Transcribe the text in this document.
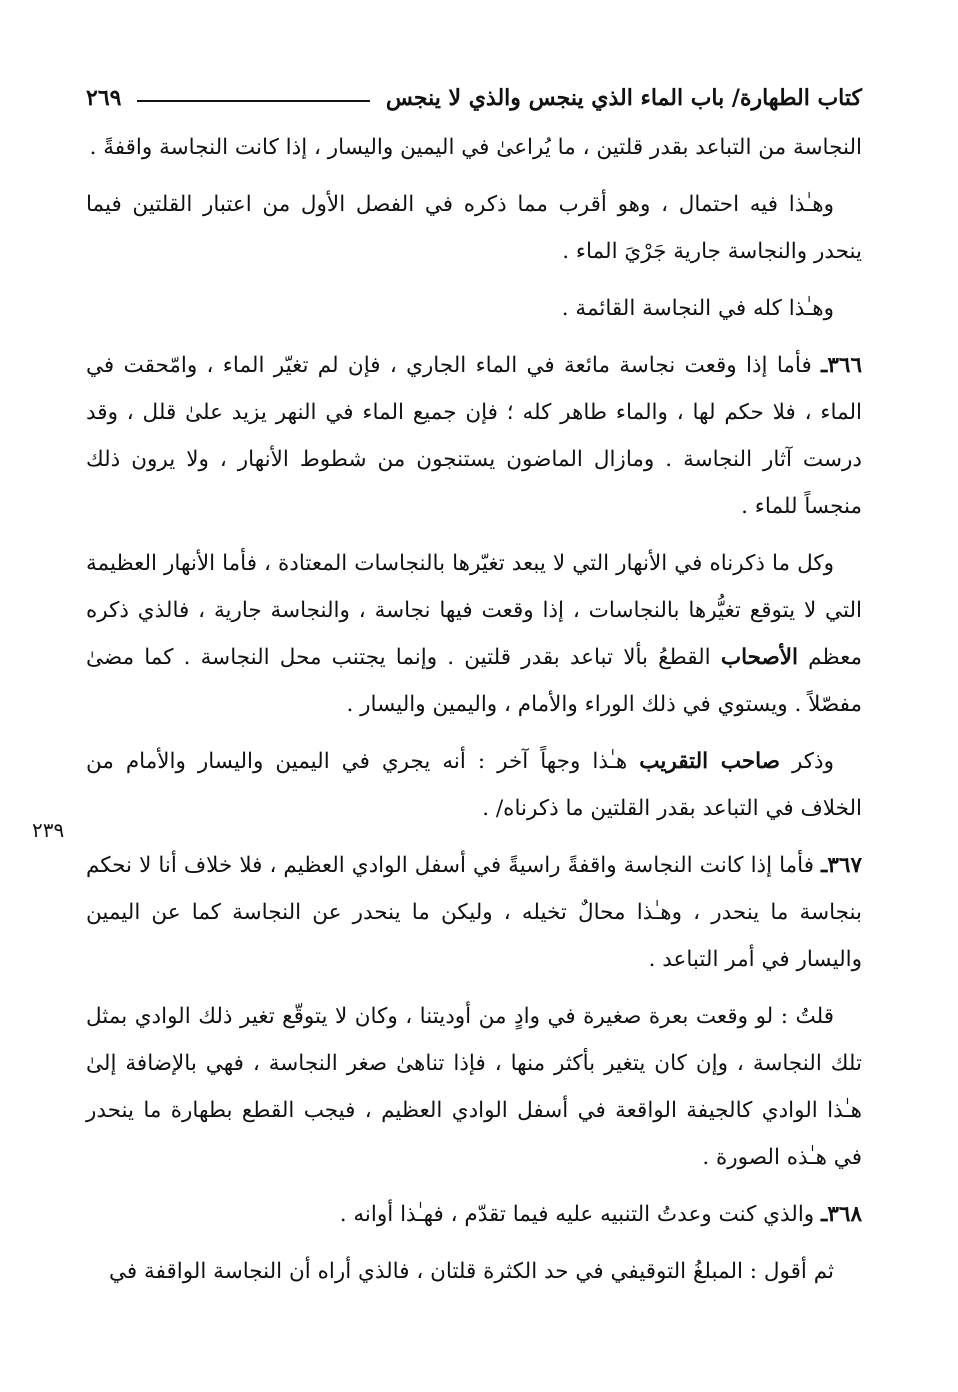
كتاب الطهارة/ باب الماء الذي ينجس والذي لا ينجس
٢٦٩
٢٣٩

النجاسة من التباعد بقدر قلتين ، ما يُراعىٰ في اليمين واليسار ، إذا كانت النجاسة واقفةً .

وهـٰذا فيه احتمال ، وهو أقرب مما ذكره في الفصل الأول من اعتبار القلتين فيما ينحدر والنجاسة جارية جَرْيَ الماء .

وهـٰذا كله في النجاسة القائمة .

٣٦٦ـ فأما إذا وقعت نجاسة مائعة في الماء الجاري ، فإن لم تغيّر الماء ، وامّحقت في الماء ، فلا حكم لها ، والماء طاهر كله ؛ فإن جميع الماء في النهر يزيد علىٰ قلل ، وقد درست آثار النجاسة . ومازال الماضون يستنجون من شطوط الأنهار ، ولا يرون ذلك منجساً للماء .

وكل ما ذكرناه في الأنهار التي لا يبعد تغيّرها بالنجاسات المعتادة ، فأما الأنهار العظيمة التي لا يتوقع تغيُّرها بالنجاسات ، إذا وقعت فيها نجاسة ، والنجاسة جارية ، فالذي ذكره معظم الأصحاب القطعُ بألا تباعد بقدر قلتين . وإنما يجتنب محل النجاسة . كما مضىٰ مفصّلاً . ويستوي في ذلك الوراء والأمام ، واليمين واليسار .

وذكر صاحب التقريب هـٰذا وجهاً آخر : أنه يجري في اليمين واليسار والأمام من الخلاف في التباعد بقدر القلتين ما ذكرناه/ .

٣٦٧ـ فأما إذا كانت النجاسة واقفةً راسيةً في أسفل الوادي العظيم ، فلا خلاف أنا لا نحكم بنجاسة ما ينحدر ، وهـٰذا محالٌ تخيله ، وليكن ما ينحدر عن النجاسة كما عن اليمين واليسار في أمر التباعد .

قلتُ : لو وقعت بعرة صغيرة في وادٍ من أوديتنا ، وكان لا يتوقّع تغير ذلك الوادي بمثل تلك النجاسة ، وإن كان يتغير بأكثر منها ، فإذا تناهىٰ صغر النجاسة ، فهي بالإضافة إلىٰ هـٰذا الوادي كالجيفة الواقعة في أسفل الوادي العظيم ، فيجب القطع بطهارة ما ينحدر في هـٰذه الصورة .

٣٦٨ـ والذي كنت وعدتُ التنبيه عليه فيما تقدّم ، فهـٰذا أوانه .

ثم أقول : المبلغُ التوقيفي في حد الكثرة قلتان ، فالذي أراه أن النجاسة الواقفة في
